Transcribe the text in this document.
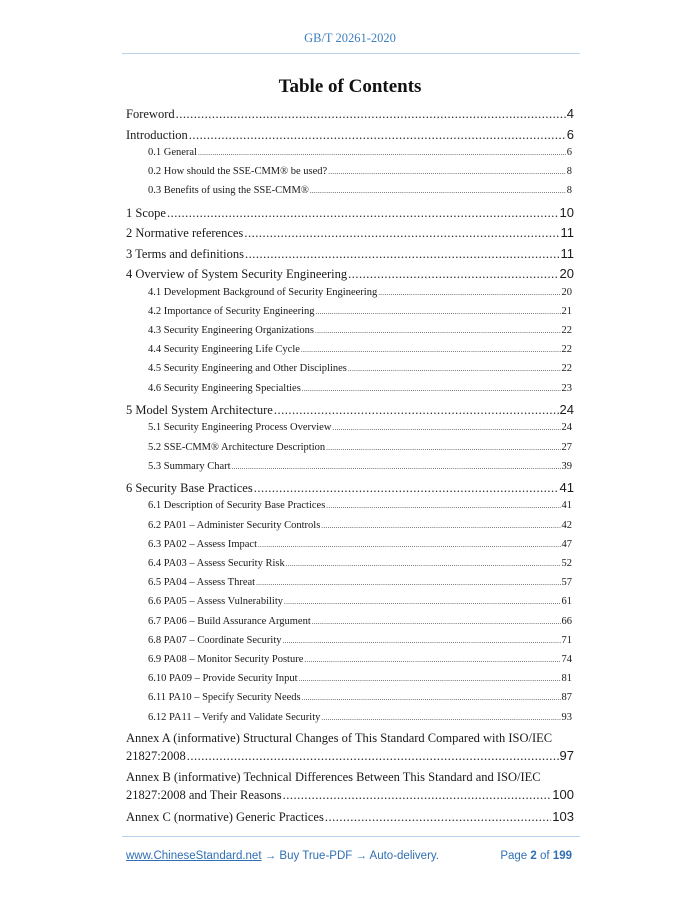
GB/T 20261-2020
Table of Contents
Foreword .....	4
Introduction .....	6
0.1 General .....	6
0.2 How should the SSE-CMM® be used? .....	8
0.3 Benefits of using the SSE-CMM® .....	8
1 Scope .....	10
2 Normative references .....	11
3 Terms and definitions .....	11
4 Overview of System Security Engineering .....	20
4.1 Development Background of Security Engineering .....	20
4.2 Importance of Security Engineering .....	21
4.3 Security Engineering Organizations .....	22
4.4 Security Engineering Life Cycle .....	22
4.5 Security Engineering and Other Disciplines .....	22
4.6 Security Engineering Specialties .....	23
5 Model System Architecture .....	24
5.1 Security Engineering Process Overview .....	24
5.2 SSE-CMM® Architecture Description .....	27
5.3 Summary Chart .....	39
6 Security Base Practices .....	41
6.1 Description of Security Base Practices .....	41
6.2 PA01 – Administer Security Controls .....	42
6.3 PA02 – Assess Impact .....	47
6.4 PA03 – Assess Security Risk .....	52
6.5 PA04 – Assess Threat .....	57
6.6 PA05 – Assess Vulnerability .....	61
6.7 PA06 – Build Assurance Argument .....	66
6.8 PA07 – Coordinate Security .....	71
6.9 PA08 – Monitor Security Posture .....	74
6.10 PA09 – Provide Security Input .....	81
6.11 PA10 – Specify Security Needs .....	87
6.12 PA11 – Verify and Validate Security .....	93
Annex A (informative) Structural Changes of This Standard Compared with ISO/IEC
21827:2008 .....	97
Annex B (informative) Technical Differences Between This Standard and ISO/IEC
21827:2008 and Their Reasons .....	100
Annex C (normative) Generic Practices .....	103
www.ChineseStandard.net → Buy True-PDF → Auto-delivery.	Page 2 of 199
